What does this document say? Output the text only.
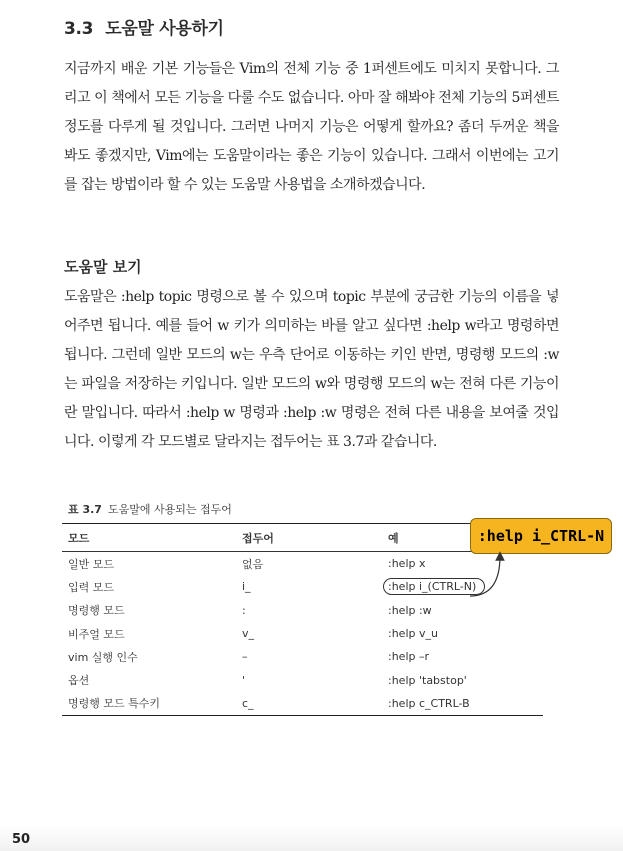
3.3 도움말 사용하기

지금까지 배운 기본 기능들은 Vim의 전체 기능 중 1퍼센트에도 미치지 못합니다. 그리고 이 책에서 모든 기능을 다룰 수도 없습니다. 아마 잘 해봐야 전체 기능의 5퍼센트 정도를 다루게 될 것입니다. 그러면 나머지 기능은 어떻게 할까요? 좀더 두꺼운 책을 봐도 좋겠지만, Vim에는 도움말이라는 좋은 기능이 있습니다. 그래서 이번에는 고기를 잡는 방법이라 할 수 있는 도움말 사용법을 소개하겠습니다.

도움말 보기

도움말은 :help topic 명령으로 볼 수 있으며 topic 부분에 궁금한 기능의 이름을 넣어주면 됩니다. 예를 들어 w 키가 의미하는 바를 알고 싶다면 :help w라고 명령하면 됩니다. 그런데 일반 모드의 w는 우측 단어로 이동하는 키인 반면, 명령행 모드의 :w는 파일을 저장하는 키입니다. 일반 모드의 w와 명령행 모드의 w는 전혀 다른 기능이란 말입니다. 따라서 :help w 명령과 :help :w 명령은 전혀 다른 내용을 보여줄 것입니다. 이렇게 각 모드별로 달라지는 접두어는 표 3.7과 같습니다.

표 3.7 도움말에 사용되는 접두어
모드	접두어	예
일반 모드	없음	:help x
입력 모드	i_	:help i_(CTRL-N)
명령행 모드	:	:help :w
비주얼 모드	v_	:help v_u
vim 실행 인수	–	:help –r
옵션	'	:help 'tabstop'
명령행 모드 특수키	c_	:help c_CTRL-B
:help i_CTRL-N
50
